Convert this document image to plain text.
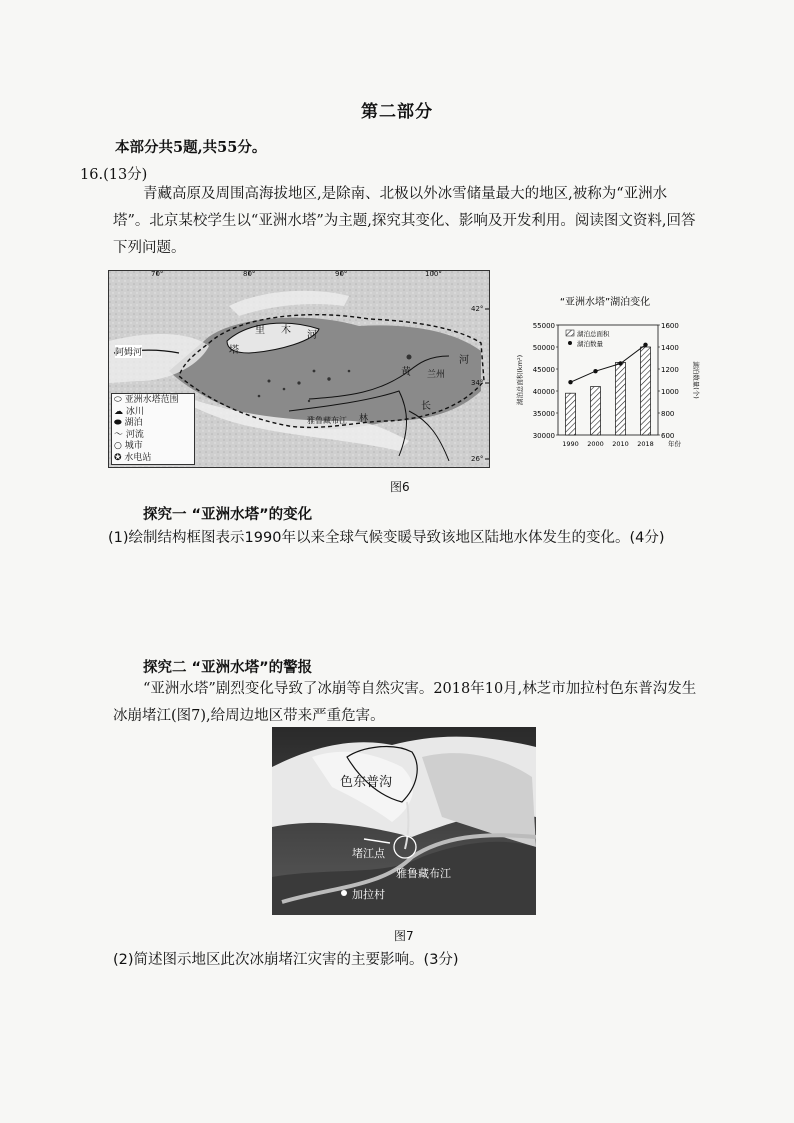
第二部分
本部分共5题,共55分。
16.(13分)
青藏高原及周围高海拔地区,是除南、北极以外冰雪储量最大的地区,被称为“亚洲水塔”。北京某校学生以“亚洲水塔”为主题,探究其变化、影响及开发利用。阅读图文资料,回答下列问题。
70°	80°	90°	100°
42°
34°
26°
阿姆河	塔
里 木 河
河
黄 兰州
雅鲁藏布江 林
长
⬭ 亚洲水塔范围
☁ 冰川
⬬ 湖泊
〜 河流
○ 城市
✪ 水电站
“亚洲水塔”湖泊变化
30000
35000
40000
45000
50000
55000
600
800
1000
1200
1400
1600
1990 2000 2010 2018 年份
湖泊总面积(km²)	湖泊数量(个)
湖泊总面积
湖泊数量
图6
探究一 “亚洲水塔”的变化
(1)绘制结构框图表示1990年以来全球气候变暖导致该地区陆地水体发生的变化。(4分)
探究二 “亚洲水塔”的警报
“亚洲水塔”剧烈变化导致了冰崩等自然灾害。2018年10月,林芝市加拉村色东普沟发生冰崩堵江(图7),给周边地区带来严重危害。
色东普沟
堵江点
雅鲁藏布江
加拉村
图7
(2)简述图示地区此次冰崩堵江灾害的主要影响。(3分)
